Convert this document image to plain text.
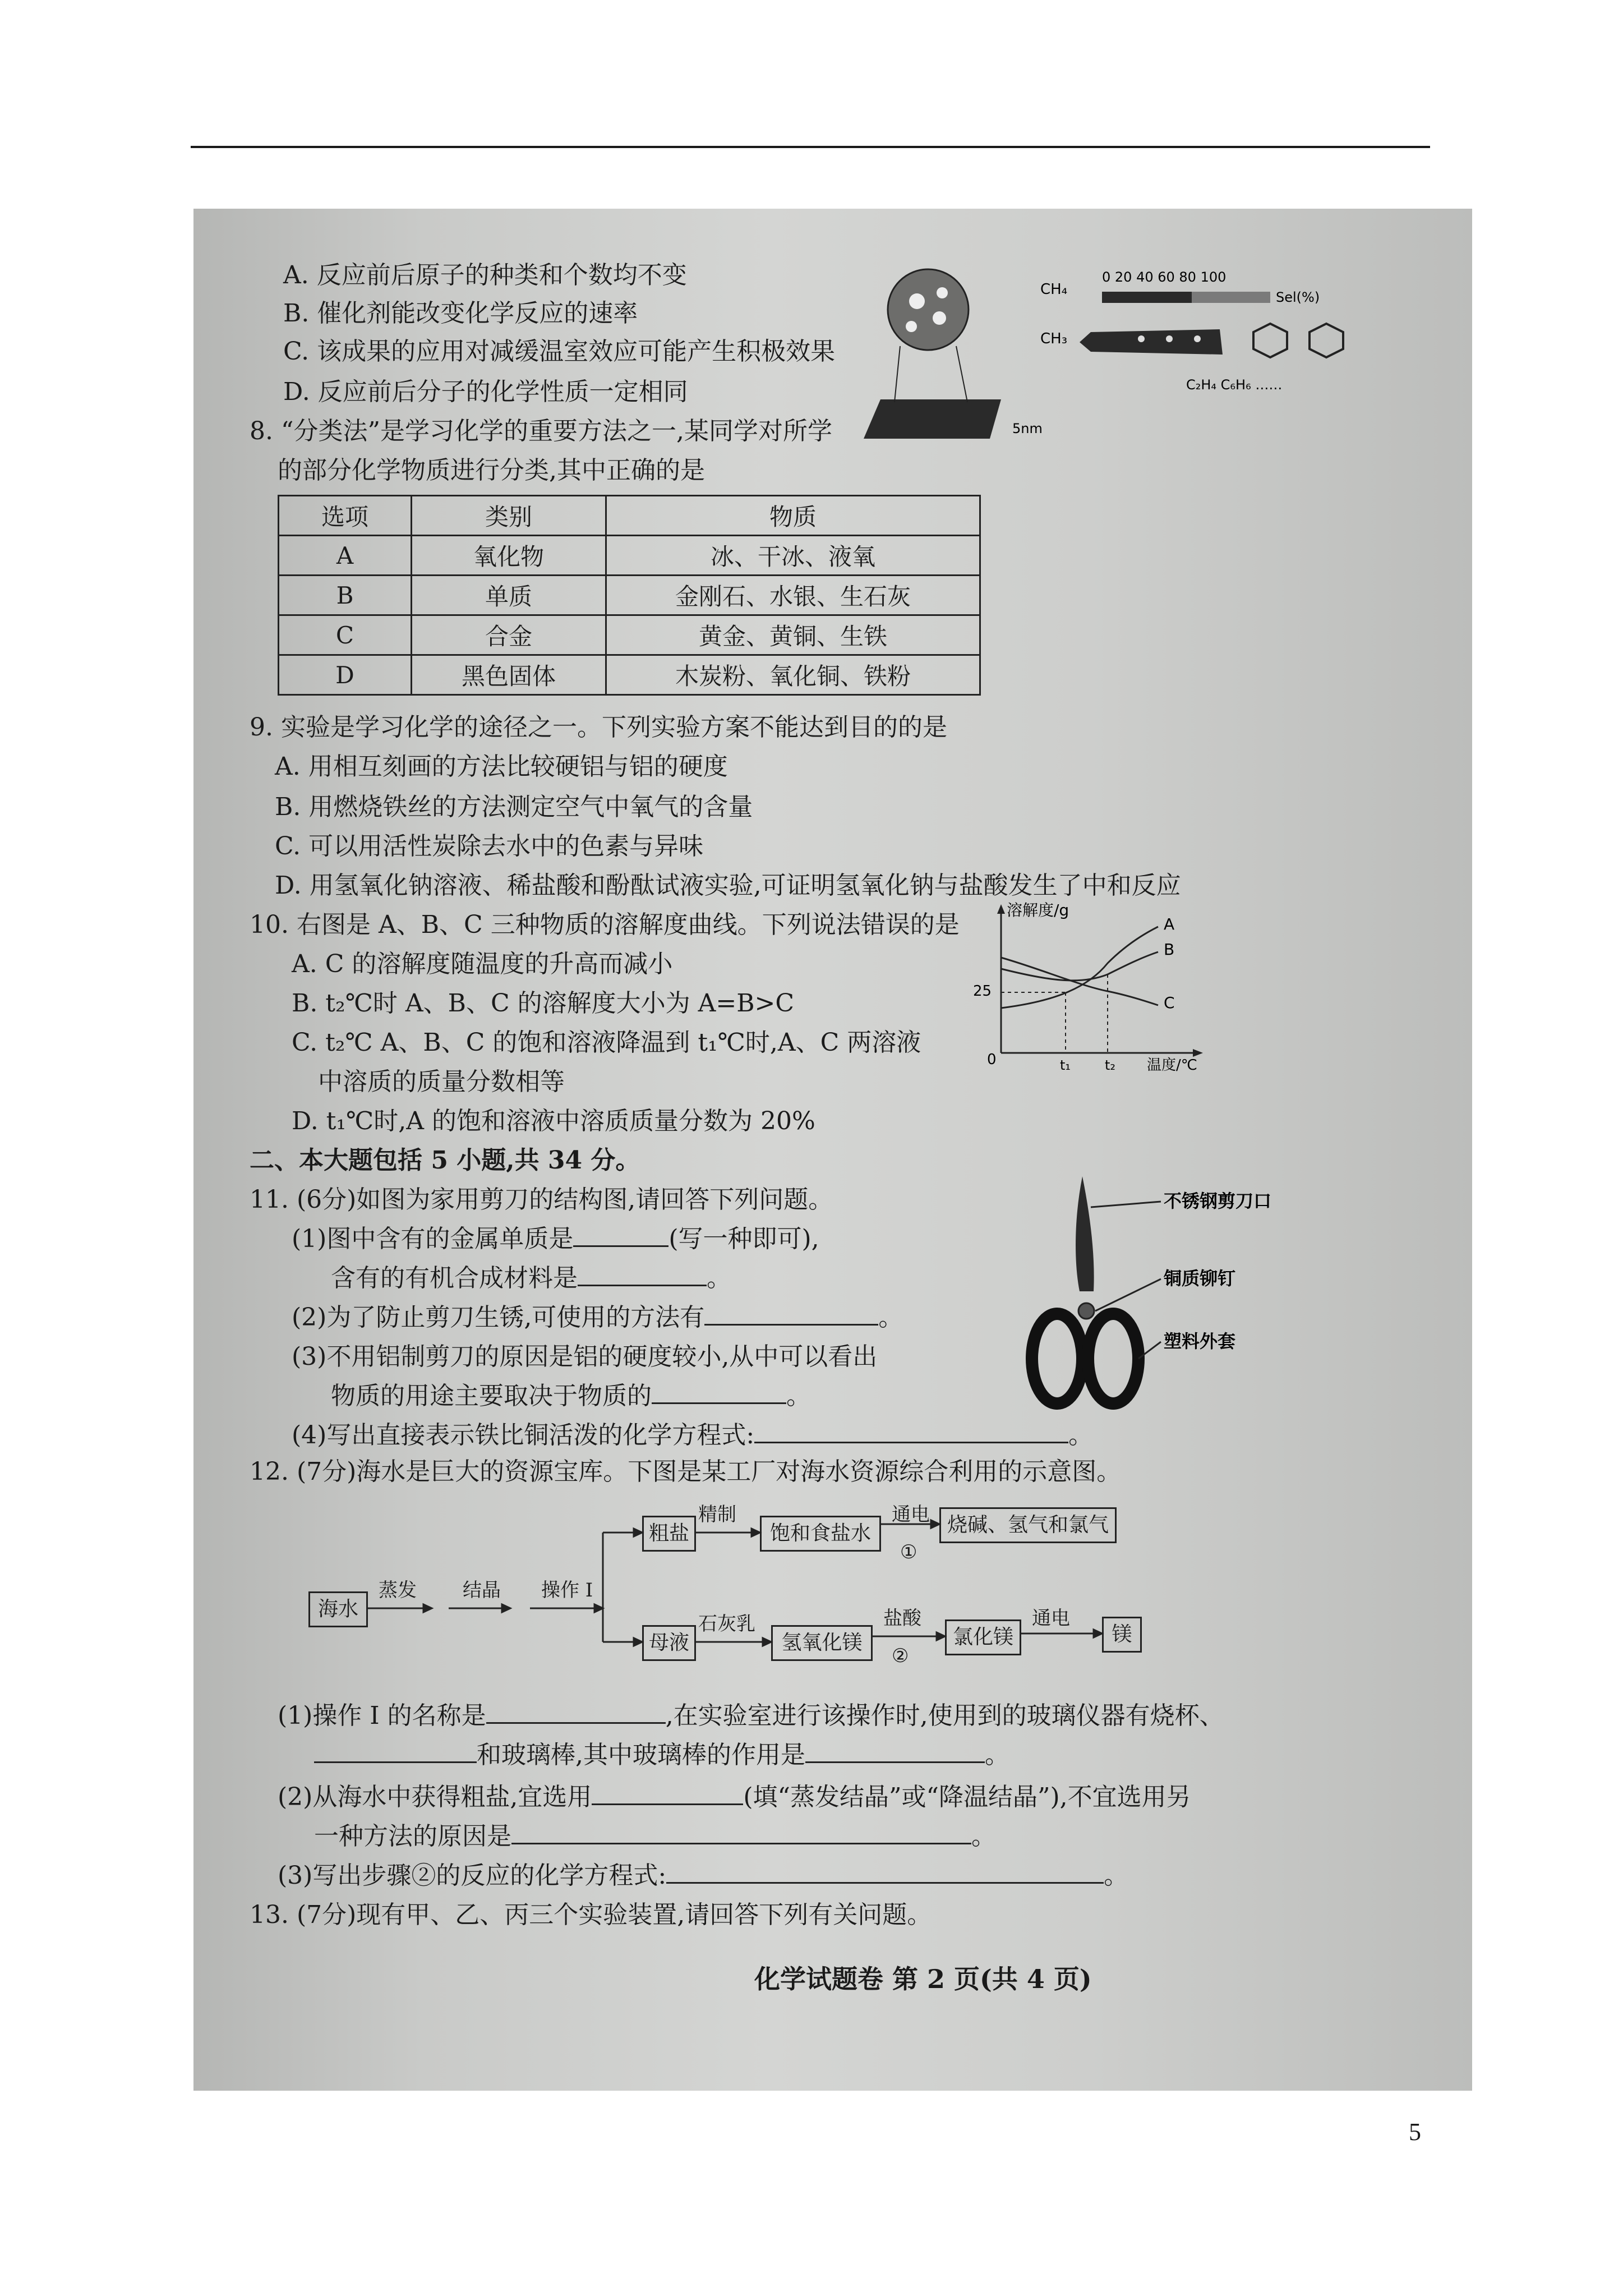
A. 反应前后原子的种类和个数均不变
B. 催化剂能改变化学反应的速率
C. 该成果的应用对减缓温室效应可能产生积极效果
D. 反应前后分子的化学性质一定相同
CH₄
0 20 40 60 80 100
Sel(%)
CH₃
C₂H₄ C₆H₆ ……
5nm
8. “分类法”是学习化学的重要方法之一,某同学对所学
的部分化学物质进行分类,其中正确的是
选项	类别	物质
A	氧化物	冰、干冰、液氧
B	单质	金刚石、水银、生石灰
C	合金	黄金、黄铜、生铁
D	黑色固体	木炭粉、氧化铜、铁粉
9. 实验是学习化学的途径之一。下列实验方案不能达到目的的是
A. 用相互刻画的方法比较硬铝与铝的硬度
B. 用燃烧铁丝的方法测定空气中氧气的含量
C. 可以用活性炭除去水中的色素与异味
D. 用氢氧化钠溶液、稀盐酸和酚酞试液实验,可证明氢氧化钠与盐酸发生了中和反应
10. 右图是 A、B、C 三种物质的溶解度曲线。下列说法错误的是
A. C 的溶解度随温度的升高而减小
B. t₂℃时 A、B、C 的溶解度大小为 A=B>C
C. t₂℃ A、B、C 的饱和溶液降温到 t₁℃时,A、C 两溶液
中溶质的质量分数相等
D. t₁℃时,A 的饱和溶液中溶质质量分数为 20%
溶解度/g
温度/℃
0
25
t₁	t₂
A
B
C
二、本大题包括 5 小题,共 34 分。
11. (6分)如图为家用剪刀的结构图,请回答下列问题。
(1)图中含有的金属单质是	(写一种即可),
含有的有机合成材料是	。
(2)为了防止剪刀生锈,可使用的方法有	。
(3)不用铝制剪刀的原因是铝的硬度较小,从中可以看出
物质的用途主要取决于物质的	。
(4)写出直接表示铁比铜活泼的化学方程式:	。
不锈钢剪刀口
铜质铆钉
塑料外套
12. (7分)海水是巨大的资源宝库。下图是某工厂对海水资源综合利用的示意图。
海水
蒸发 结晶 操作 I
粗盐
精制
饱和食盐水
通电
①
烧碱、氢气和氯气
母液
石灰乳
氢氧化镁
盐酸
②
氯化镁
通电
镁
(1)操作 I 的名称是	,在实验室进行该操作时,使用到的玻璃仪器有烧杯、
和玻璃棒,其中玻璃棒的作用是	。
(2)从海水中获得粗盐,宜选用	(填“蒸发结晶”或“降温结晶”),不宜选用另
一种方法的原因是	。
(3)写出步骤②的反应的化学方程式:	。
13. (7分)现有甲、乙、丙三个实验装置,请回答下列有关问题。
化学试题卷 第 2 页(共 4 页)
5
